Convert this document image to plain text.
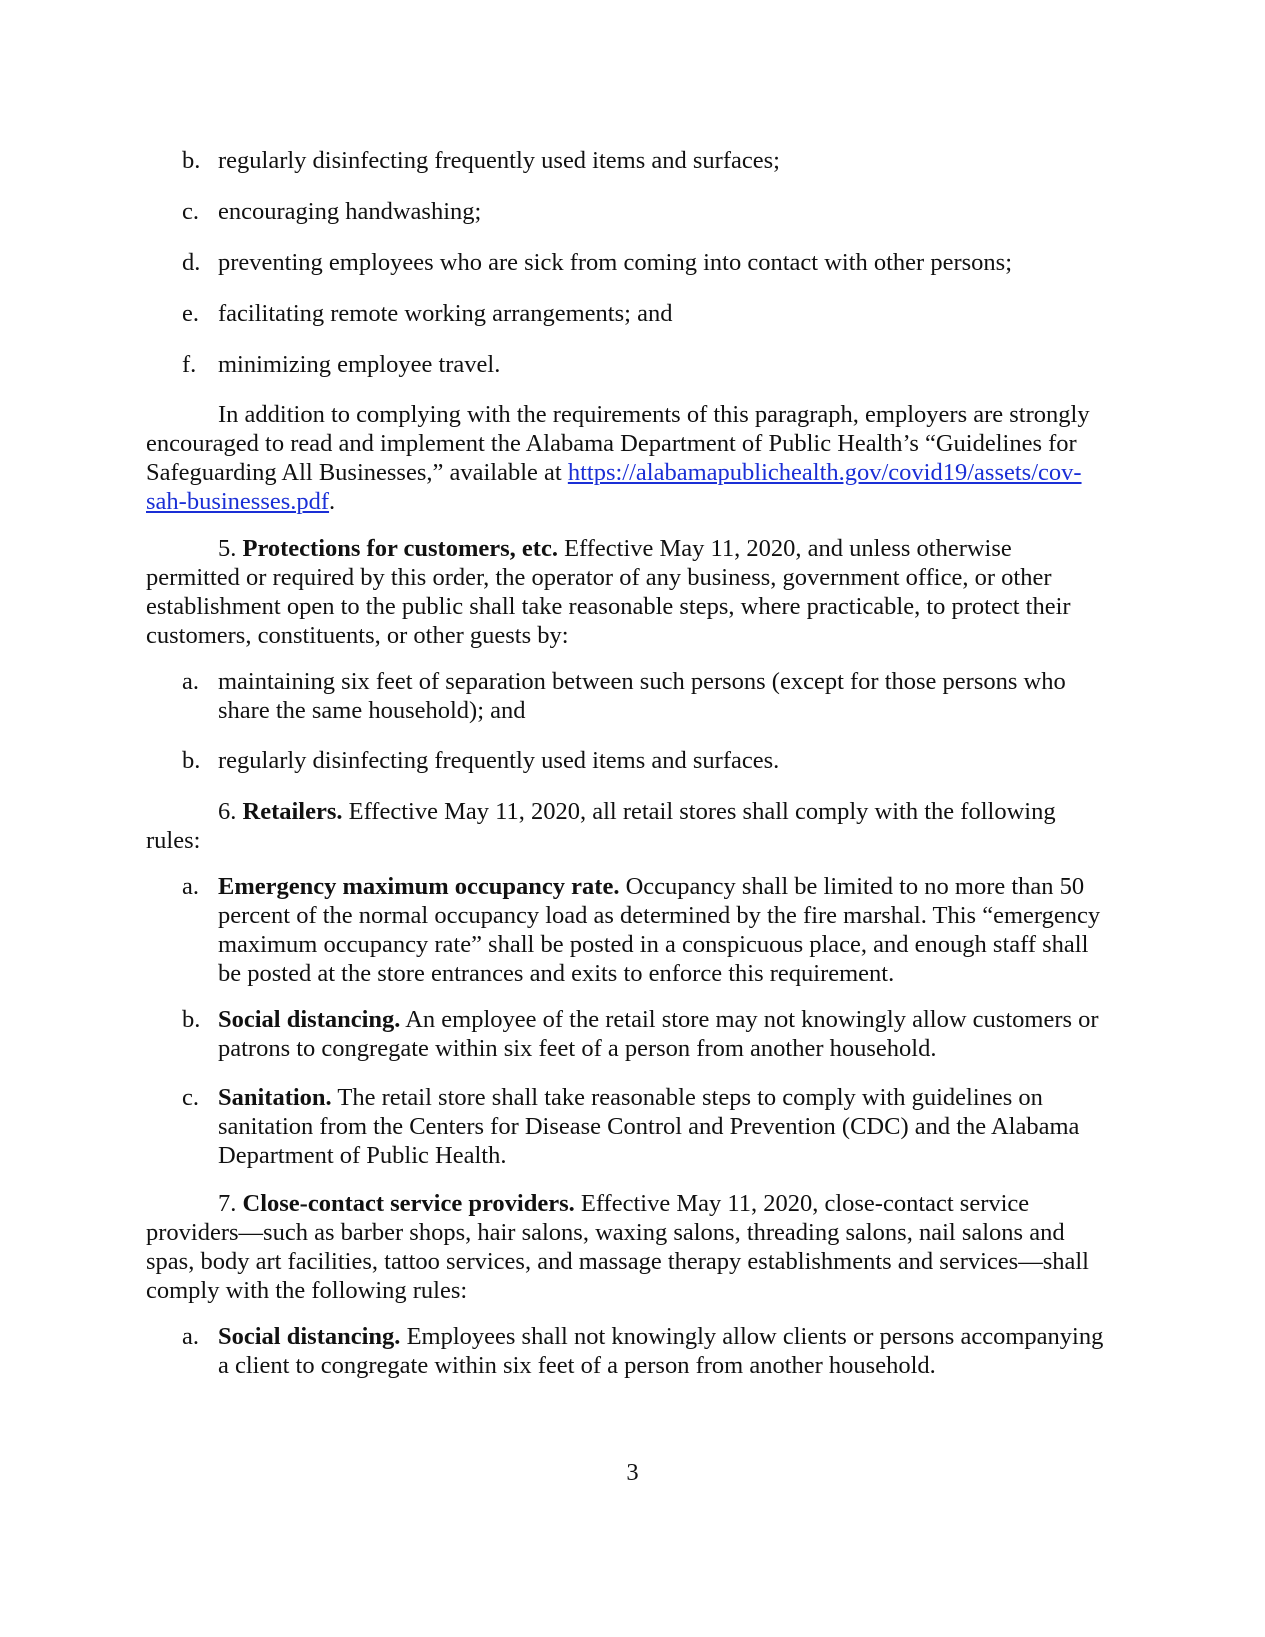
b. regularly disinfecting frequently used items and surfaces;
c. encouraging handwashing;
d. preventing employees who are sick from coming into contact with other persons;
e. facilitating remote working arrangements; and
f. minimizing employee travel.
In addition to complying with the requirements of this paragraph, employers are strongly encouraged to read and implement the Alabama Department of Public Health’s “Guidelines for Safeguarding All Businesses,” available at https://alabamapublichealth.gov/covid19/assets/cov-sah-businesses.pdf.
5. Protections for customers, etc. Effective May 11, 2020, and unless otherwise permitted or required by this order, the operator of any business, government office, or other establishment open to the public shall take reasonable steps, where practicable, to protect their customers, constituents, or other guests by:
a. maintaining six feet of separation between such persons (except for those persons who share the same household); and
b. regularly disinfecting frequently used items and surfaces.
6. Retailers. Effective May 11, 2020, all retail stores shall comply with the following rules:
a. Emergency maximum occupancy rate. Occupancy shall be limited to no more than 50 percent of the normal occupancy load as determined by the fire marshal. This “emergency maximum occupancy rate” shall be posted in a conspicuous place, and enough staff shall be posted at the store entrances and exits to enforce this requirement.
b. Social distancing. An employee of the retail store may not knowingly allow customers or patrons to congregate within six feet of a person from another household.
c. Sanitation. The retail store shall take reasonable steps to comply with guidelines on sanitation from the Centers for Disease Control and Prevention (CDC) and the Alabama Department of Public Health.
7. Close-contact service providers. Effective May 11, 2020, close-contact service providers—such as barber shops, hair salons, waxing salons, threading salons, nail salons and spas, body art facilities, tattoo services, and massage therapy establishments and services—shall comply with the following rules:
a. Social distancing. Employees shall not knowingly allow clients or persons accompanying a client to congregate within six feet of a person from another household.
3
